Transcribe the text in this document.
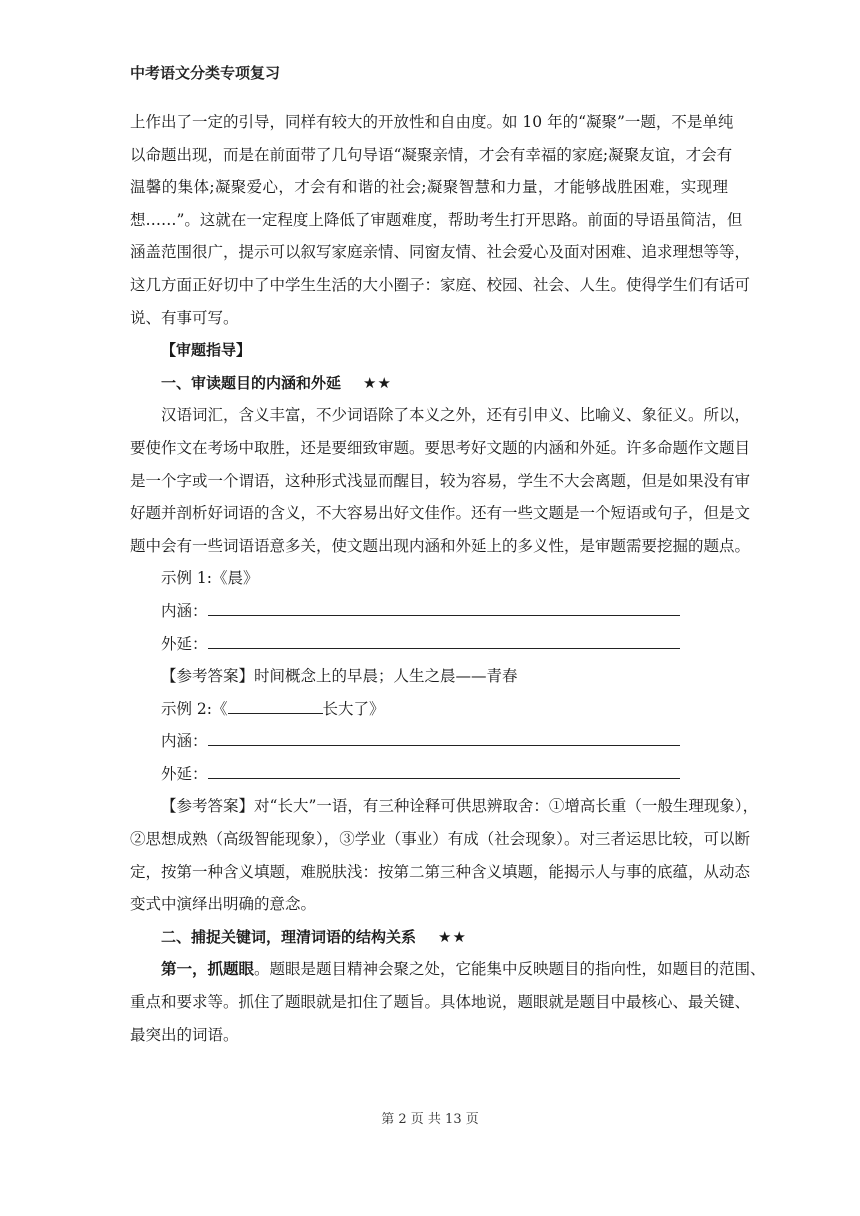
中考语文分类专项复习

上作出了一定的引导，同样有较大的开放性和自由度。如 10 年的“凝聚”一题，不是单纯
以命题出现，而是在前面带了几句导语“凝聚亲情，才会有幸福的家庭;凝聚友谊，才会有
温馨的集体;凝聚爱心，才会有和谐的社会;凝聚智慧和力量，才能够战胜困难，实现理
想……”。这就在一定程度上降低了审题难度，帮助考生打开思路。前面的导语虽简洁，但
涵盖范围很广，提示可以叙写家庭亲情、同窗友情、社会爱心及面对困难、追求理想等等，
这几方面正好切中了中学生生活的大小圈子：家庭、校园、社会、人生。使得学生们有话可
说、有事可写。

【审题指导】
一、审读题目的内涵和外延 ★★

汉语词汇，含义丰富，不少词语除了本义之外，还有引申义、比喻义、象征义。所以，

要使作文在考场中取胜，还是要细致审题。要思考好文题的内涵和外延。许多命题作文题目
是一个字或一个谓语，这种形式浅显而醒目，较为容易，学生不大会离题，但是如果没有审
好题并剖析好词语的含义，不大容易出好文佳作。还有一些文题是一个短语或句子，但是文
题中会有一些词语语意多关，使文题出现内涵和外延上的多义性，是审题需要挖掘的题点。

示例 1:《晨》
内涵：
外延：
【参考答案】时间概念上的早晨；人生之晨——青春
示例 2:《	长大了》
内涵：
外延：

【参考答案】对“长大”一语，有三种诠释可供思辨取舍：①增高长重（一般生理现象），

②思想成熟（高级智能现象），③学业（事业）有成（社会现象）。对三者运思比较，可以断
定，按第一种含义填题，难脱肤浅：按第二第三种含义填题，能揭示人与事的底蕴，从动态
变式中演绎出明确的意念。

二、捕捉关键词，理清词语的结构关系 ★★

第一，抓题眼。题眼是题目精神会聚之处，它能集中反映题目的指向性，如题目的范围、

重点和要求等。抓住了题眼就是扣住了题旨。具体地说，题眼就是题目中最核心、最关键、
最突出的词语。

第 2 页 共 13 页
